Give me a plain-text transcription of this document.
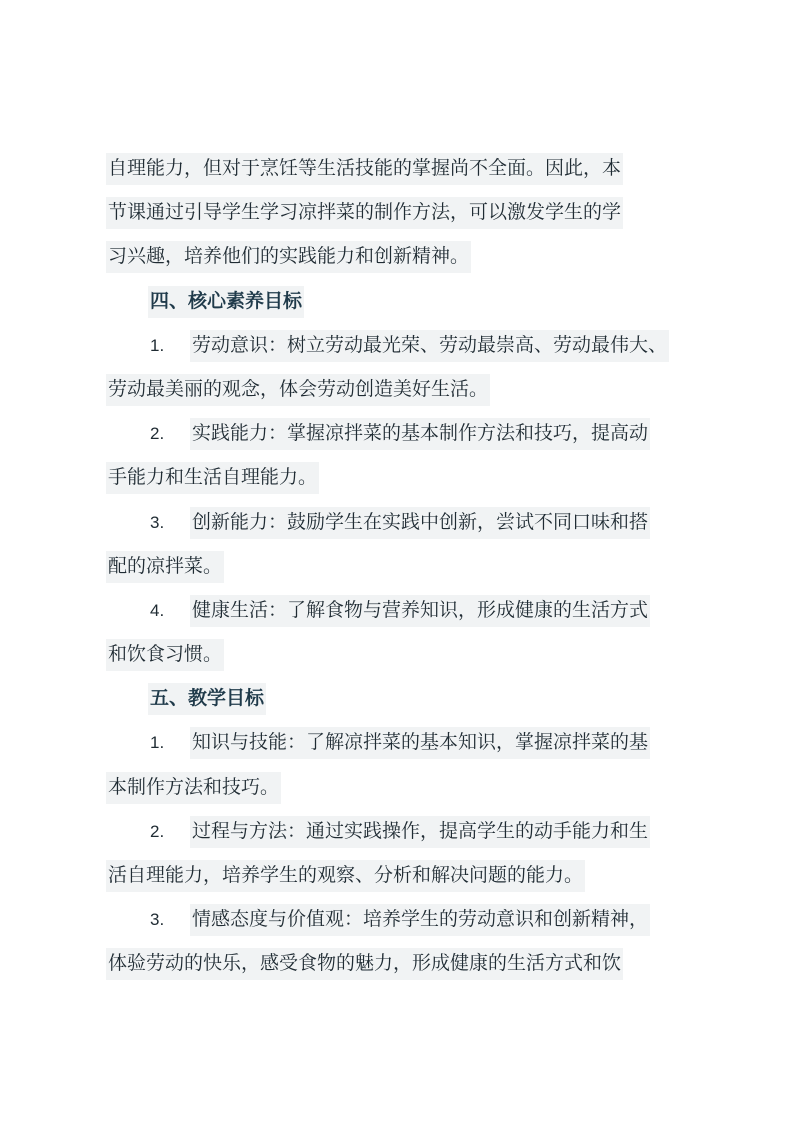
自理能力，但对于烹饪等生活技能的掌握尚不全面。因此，本
节课通过引导学生学习凉拌菜的制作方法，可以激发学生的学
习兴趣，培养他们的实践能力和创新精神。
四、核心素养目标
1. 劳动意识：树立劳动最光荣、劳动最崇高、劳动最伟大、
劳动最美丽的观念，体会劳动创造美好生活。
2. 实践能力：掌握凉拌菜的基本制作方法和技巧，提高动
手能力和生活自理能力。
3. 创新能力：鼓励学生在实践中创新，尝试不同口味和搭
配的凉拌菜。
4. 健康生活：了解食物与营养知识，形成健康的生活方式
和饮食习惯。
五、教学目标
1. 知识与技能：了解凉拌菜的基本知识，掌握凉拌菜的基
本制作方法和技巧。
2. 过程与方法：通过实践操作，提高学生的动手能力和生
活自理能力，培养学生的观察、分析和解决问题的能力。
3. 情感态度与价值观：培养学生的劳动意识和创新精神，
体验劳动的快乐，感受食物的魅力，形成健康的生活方式和饮
